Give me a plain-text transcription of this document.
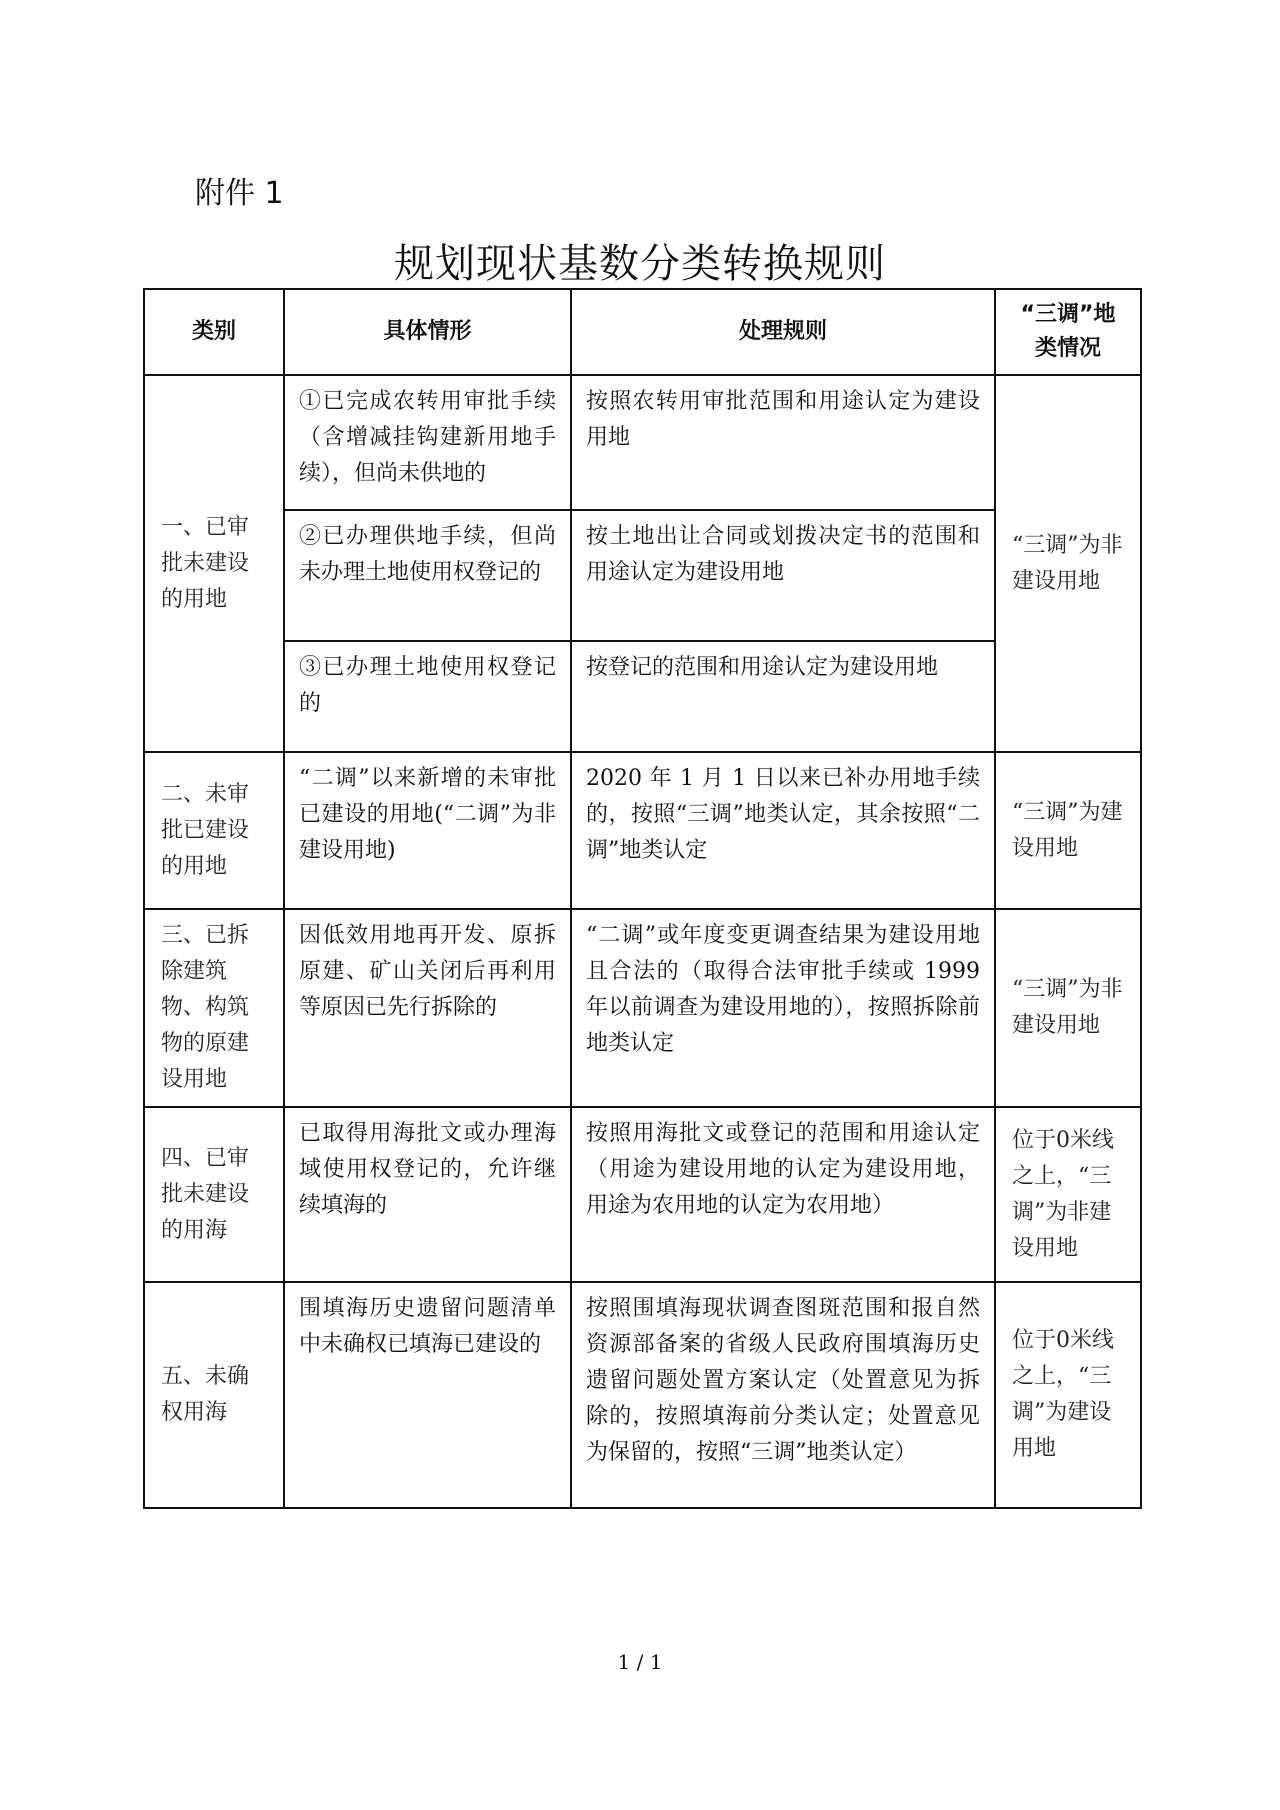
附件 1
规划现状基数分类转换规则
类别	具体情形	处理规则	“三调”地类情况
一、已审批未建设的用地	①已完成农转用审批手续（含增减挂钩建新用地手续），但尚未供地的	按照农转用审批范围和用途认定为建设用地	“三调”为非建设用地
	②已办理供地手续，但尚未办理土地使用权登记的	按土地出让合同或划拨决定书的范围和用途认定为建设用地	
	③已办理土地使用权登记的	按登记的范围和用途认定为建设用地	
二、未审批已建设的用地	“二调”以来新增的未审批已建设的用地(“二调”为非建设用地)	2020 年 1 月 1 日以来已补办用地手续的，按照“三调”地类认定，其余按照“二调”地类认定	“三调”为建设用地
三、已拆除建筑物、构筑物的原建设用地	因低效用地再开发、原拆原建、矿山关闭后再利用等原因已先行拆除的	“二调”或年度变更调查结果为建设用地且合法的（取得合法审批手续或 1999 年以前调查为建设用地的），按照拆除前地类认定	“三调”为非建设用地
四、已审批未建设的用海	已取得用海批文或办理海域使用权登记的，允许继续填海的	按照用海批文或登记的范围和用途认定（用途为建设用地的认定为建设用地，用途为农用地的认定为农用地）	位于0米线之上，“三调”为非建设用地
五、未确权用海	围填海历史遗留问题清单中未确权已填海已建设的	按照围填海现状调查图斑范围和报自然资源部备案的省级人民政府围填海历史遗留问题处置方案认定（处置意见为拆除的，按照填海前分类认定；处置意见为保留的，按照“三调”地类认定）	位于0米线之上，“三调”为建设用地
1 / 1
